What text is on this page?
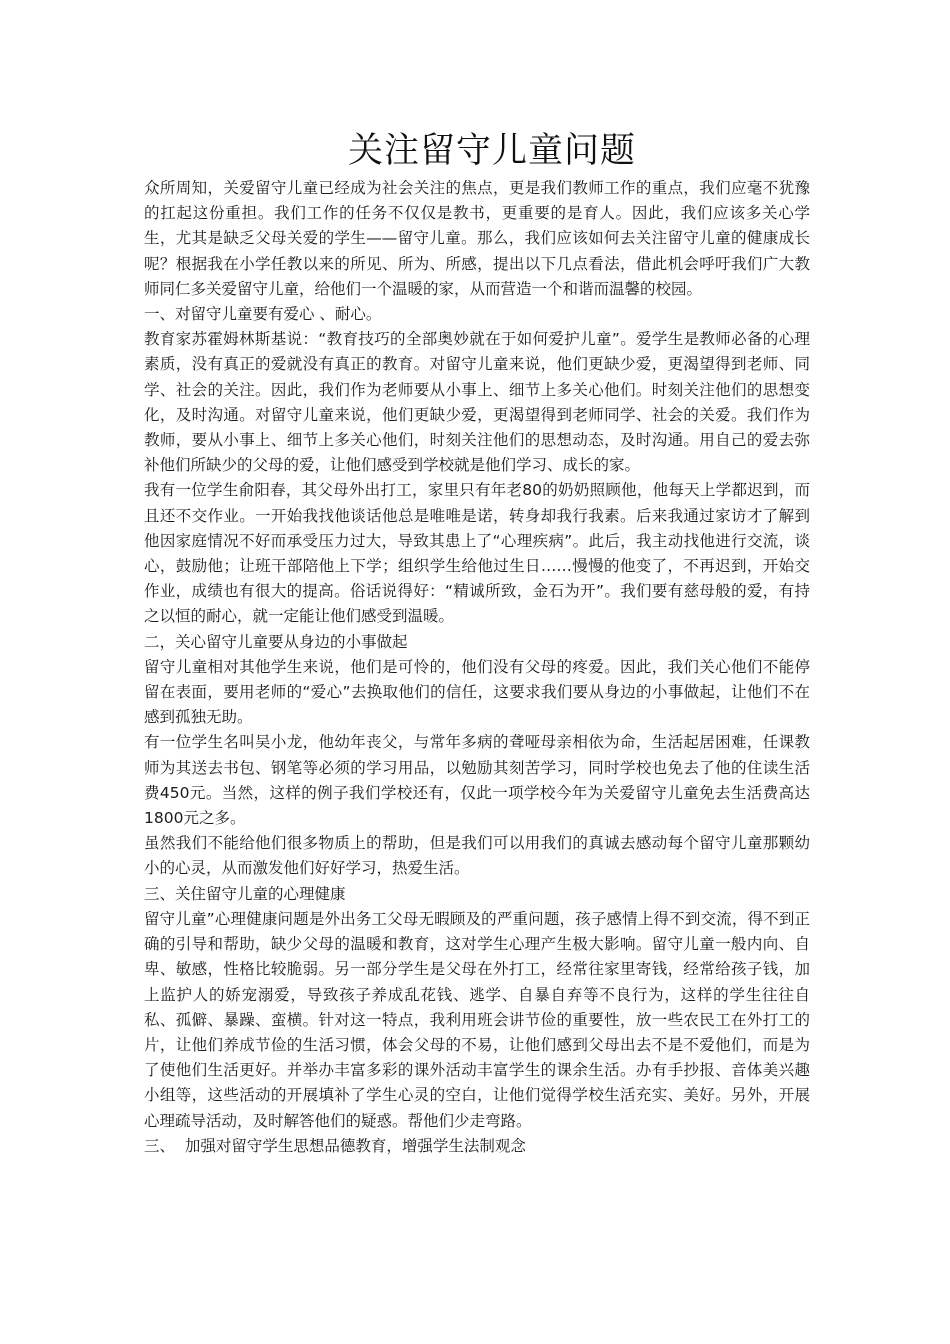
关注留守儿童问题

众所周知，关爱留守儿童已经成为社会关注的焦点，更是我们教师工作的重点，我们应毫不犹豫的扛起这份重担。我们工作的任务不仅仅是教书，更重要的是育人。因此，我们应该多关心学生，尤其是缺乏父母关爱的学生——留守儿童。那么，我们应该如何去关注留守儿童的健康成长呢？根据我在小学任教以来的所见、所为、所感，提出以下几点看法，借此机会呼吁我们广大教师同仁多关爱留守儿童，给他们一个温暖的家，从而营造一个和谐而温馨的校园。

一、对留守儿童要有爱心 、耐心。

教育家苏霍姆林斯基说：“教育技巧的全部奥妙就在于如何爱护儿童”。爱学生是教师必备的心理素质，没有真正的爱就没有真正的教育。对留守儿童来说，他们更缺少爱，更渴望得到老师、同学、社会的关注。因此，我们作为老师要从小事上、细节上多关心他们。时刻关注他们的思想变化，及时沟通。对留守儿童来说，他们更缺少爱，更渴望得到老师同学、社会的关爱。我们作为教师，要从小事上、细节上多关心他们，时刻关注他们的思想动态，及时沟通。用自己的爱去弥补他们所缺少的父母的爱，让他们感受到学校就是他们学习、成长的家。

我有一位学生俞阳春，其父母外出打工，家里只有年老80的奶奶照顾他，他每天上学都迟到，而且还不交作业。一开始我找他谈话他总是唯唯是诺，转身却我行我素。后来我通过家访才了解到他因家庭情况不好而承受压力过大，导致其患上了“心理疾病”。此后，我主动找他进行交流，谈心，鼓励他；让班干部陪他上下学；组织学生给他过生日……慢慢的他变了，不再迟到，开始交作业，成绩也有很大的提高。俗话说得好：“精诚所致，金石为开”。我们要有慈母般的爱，有持之以恒的耐心，就一定能让他们感受到温暖。

二，关心留守儿童要从身边的小事做起

留守儿童相对其他学生来说，他们是可怜的，他们没有父母的疼爱。因此，我们关心他们不能停留在表面，要用老师的“爱心”去换取他们的信任，这要求我们要从身边的小事做起，让他们不在感到孤独无助。

有一位学生名叫吴小龙，他幼年丧父，与常年多病的聋哑母亲相依为命，生活起居困难，任课教师为其送去书包、钢笔等必须的学习用品，以勉励其刻苦学习，同时学校也免去了他的住读生活费450元。当然，这样的例子我们学校还有，仅此一项学校今年为关爱留守儿童免去生活费高达1800元之多。

虽然我们不能给他们很多物质上的帮助，但是我们可以用我们的真诚去感动每个留守儿童那颗幼小的心灵，从而激发他们好好学习，热爱生活。

三、关住留守儿童的心理健康

留守儿童”心理健康问题是外出务工父母无暇顾及的严重问题，孩子感情上得不到交流，得不到正确的引导和帮助，缺少父母的温暖和教育，这对学生心理产生极大影响。留守儿童一般内向、自卑、敏感，性格比较脆弱。另一部分学生是父母在外打工，经常往家里寄钱，经常给孩子钱，加上监护人的娇宠溺爱，导致孩子养成乱花钱、逃学、自暴自弃等不良行为，这样的学生往往自私、孤僻、暴躁、蛮横。针对这一特点，我利用班会讲节俭的重要性，放一些农民工在外打工的片，让他们养成节俭的生活习惯，体会父母的不易，让他们感到父母出去不是不爱他们，而是为了使他们生活更好。并举办丰富多彩的课外活动丰富学生的课余生活。办有手抄报、音体美兴趣小组等，这些活动的开展填补了学生心灵的空白，让他们觉得学校生活充实、美好。另外，开展心理疏导活动，及时解答他们的疑惑。帮他们少走弯路。

三、  加强对留守学生思想品德教育，增强学生法制观念
